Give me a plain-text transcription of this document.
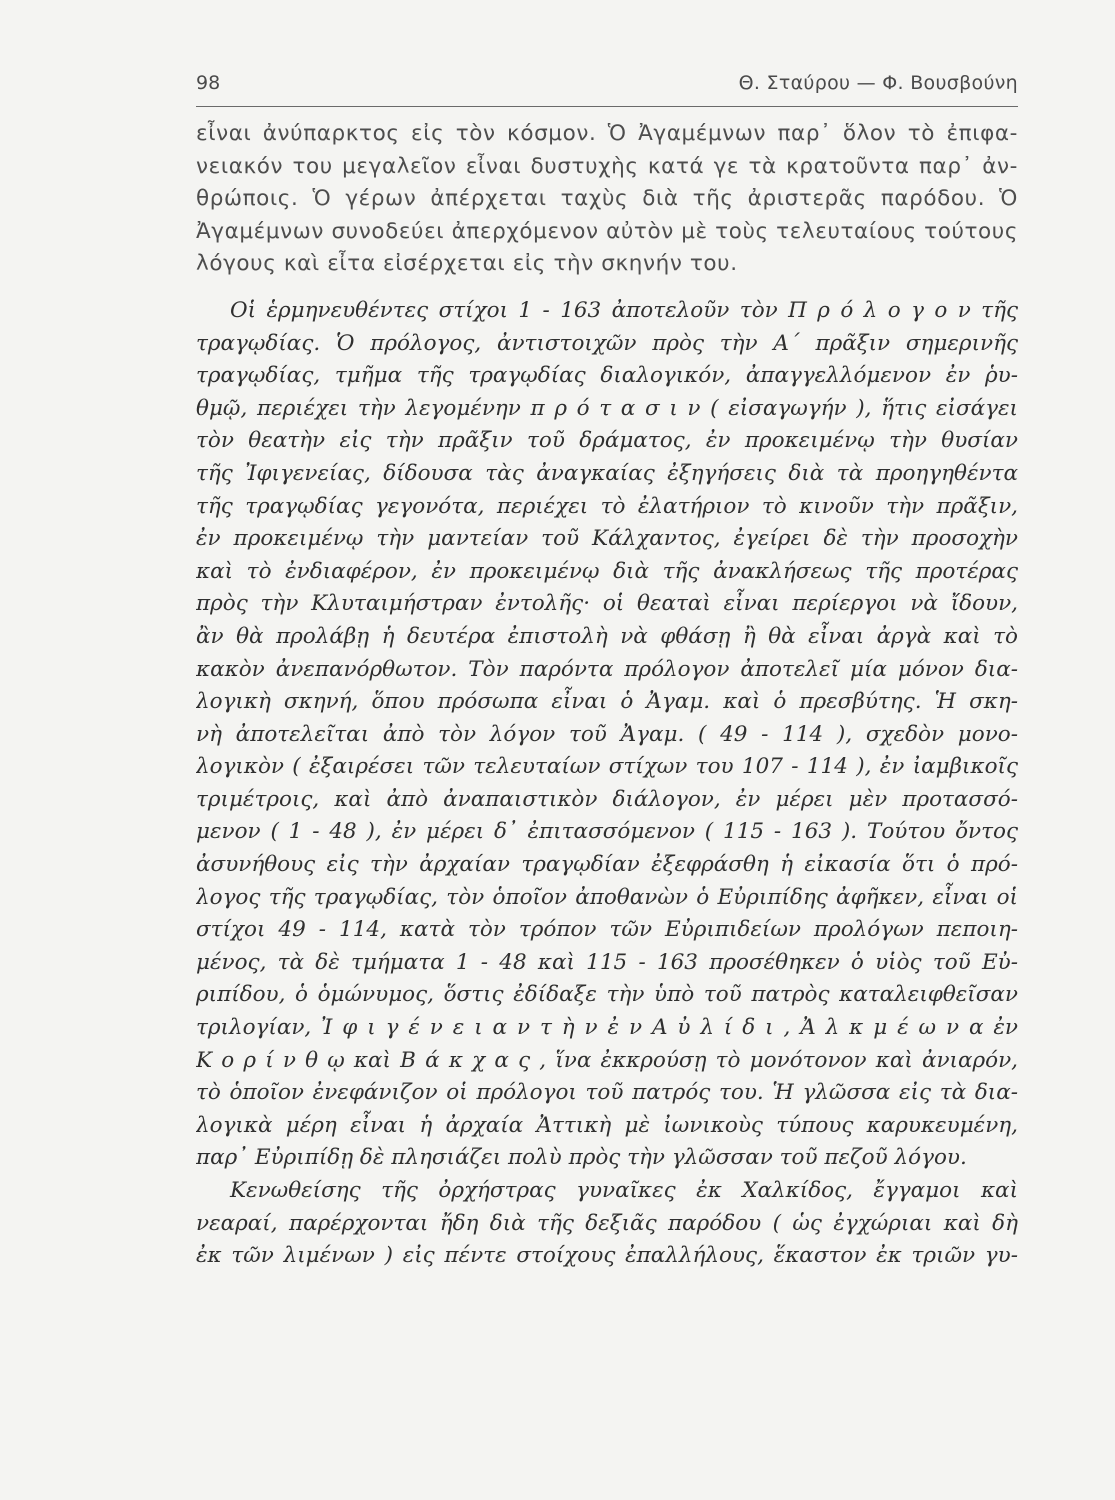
98	Θ. Σταύρου — Φ. Βουσβούνη
εἶναι ἀνύπαρκτος εἰς τὸν κόσμον. Ὁ Ἀγαμέμνων παρ᾽ ὅλον τὸ ἐπιφα-
νειακόν του μεγαλεῖον εἶναι δυστυχὴς κατά γε τὰ κρατοῦντα παρ᾽ ἀν-
θρώποις. Ὁ γέρων ἀπέρχεται ταχὺς διὰ τῆς ἀριστερᾶς παρόδου. Ὁ
Ἀγαμέμνων συνοδεύει ἀπερχόμενον αὐτὸν μὲ τοὺς τελευταίους τούτους
λόγους καὶ εἶτα εἰσέρχεται εἰς τὴν σκηνήν του.
Οἱ ἑρμηνευθέντες στίχοι 1 - 163 ἀποτελοῦν τὸν Π ρ ό λ ο γ ο ν τῆς
τραγῳδίας. Ὁ πρόλογος, ἀντιστοιχῶν πρὸς τὴν Α΄ πρᾶξιν σημερινῆς
τραγῳδίας, τμῆμα τῆς τραγῳδίας διαλογικόν, ἀπαγγελλόμενον ἐν ῥυ-
θμῷ, περιέχει τὴν λεγομένην π ρ ό τ α σ ι ν ( εἰσαγωγήν ), ἥτις εἰσάγει
τὸν θεατὴν εἰς τὴν πρᾶξιν τοῦ δράματος, ἐν προκειμένῳ τὴν θυσίαν
τῆς Ἰφιγενείας, δίδουσα τὰς ἀναγκαίας ἐξηγήσεις διὰ τὰ προηγηθέντα
τῆς τραγῳδίας γεγονότα, περιέχει τὸ ἐλατήριον τὸ κινοῦν τὴν πρᾶξιν,
ἐν προκειμένῳ τὴν μαντείαν τοῦ Κάλχαντος, ἐγείρει δὲ τὴν προσοχὴν
καὶ τὸ ἐνδιαφέρον, ἐν προκειμένῳ διὰ τῆς ἀνακλήσεως τῆς προτέρας
πρὸς τὴν Κλυταιμήστραν ἐντολῆς· οἱ θεαταὶ εἶναι περίεργοι νὰ ἴδουν,
ἂν θὰ προλάβῃ ἡ δευτέρα ἐπιστολὴ νὰ φθάσῃ ἢ θὰ εἶναι ἀργὰ καὶ τὸ
κακὸν ἀνεπανόρθωτον. Τὸν παρόντα πρόλογον ἀποτελεῖ μία μόνον δια-
λογικὴ σκηνή, ὅπου πρόσωπα εἶναι ὁ Ἀγαμ. καὶ ὁ πρεσβύτης. Ἡ σκη-
νὴ ἀποτελεῖται ἀπὸ τὸν λόγον τοῦ Ἀγαμ. ( 49 - 114 ), σχεδὸν μονο-
λογικὸν ( ἐξαιρέσει τῶν τελευταίων στίχων του 107 - 114 ), ἐν ἰαμβικοῖς
τριμέτροις, καὶ ἀπὸ ἀναπαιστικὸν διάλογον, ἐν μέρει μὲν προτασσό-
μενον ( 1 - 48 ), ἐν μέρει δ᾽ ἐπιτασσόμενον ( 115 - 163 ). Τούτου ὄντος
ἀσυνήθους εἰς τὴν ἀρχαίαν τραγῳδίαν ἐξεφράσθη ἡ εἰκασία ὅτι ὁ πρό-
λογος τῆς τραγῳδίας, τὸν ὁποῖον ἀποθανὼν ὁ Εὐριπίδης ἀφῆκεν, εἶναι οἱ
στίχοι 49 - 114, κατὰ τὸν τρόπον τῶν Εὐριπιδείων προλόγων πεποιη-
μένος, τὰ δὲ τμήματα 1 - 48 καὶ 115 - 163 προσέθηκεν ὁ υἱὸς τοῦ Εὐ-
ριπίδου, ὁ ὁμώνυμος, ὅστις ἐδίδαξε τὴν ὑπὸ τοῦ πατρὸς καταλειφθεῖσαν
τριλογίαν, Ἰ φ ι γ έ ν ε ι α ν τ ὴ ν ἐ ν Α ὐ λ ί δ ι , Ἀ λ κ μ έ ω ν α ἐν
Κ ο ρ ί ν θ ῳ καὶ Β ά κ χ α ς , ἵνα ἐκκρούσῃ τὸ μονότονον καὶ ἀνιαρόν,
τὸ ὁποῖον ἐνεφάνιζον οἱ πρόλογοι τοῦ πατρός του. Ἡ γλῶσσα εἰς τὰ δια-
λογικὰ μέρη εἶναι ἡ ἀρχαία Ἀττικὴ μὲ ἰωνικοὺς τύπους καρυκευμένη,
παρ᾽ Εὐριπίδῃ δὲ πλησιάζει πολὺ πρὸς τὴν γλῶσσαν τοῦ πεζοῦ λόγου.
Κενωθείσης τῆς ὀρχήστρας γυναῖκες ἐκ Χαλκίδος, ἔγγαμοι καὶ
νεαραί, παρέρχονται ἤδη διὰ τῆς δεξιᾶς παρόδου ( ὡς ἐγχώριαι καὶ δὴ
ἐκ τῶν λιμένων ) εἰς πέντε στοίχους ἐπαλλήλους, ἕκαστον ἐκ τριῶν γυ-
